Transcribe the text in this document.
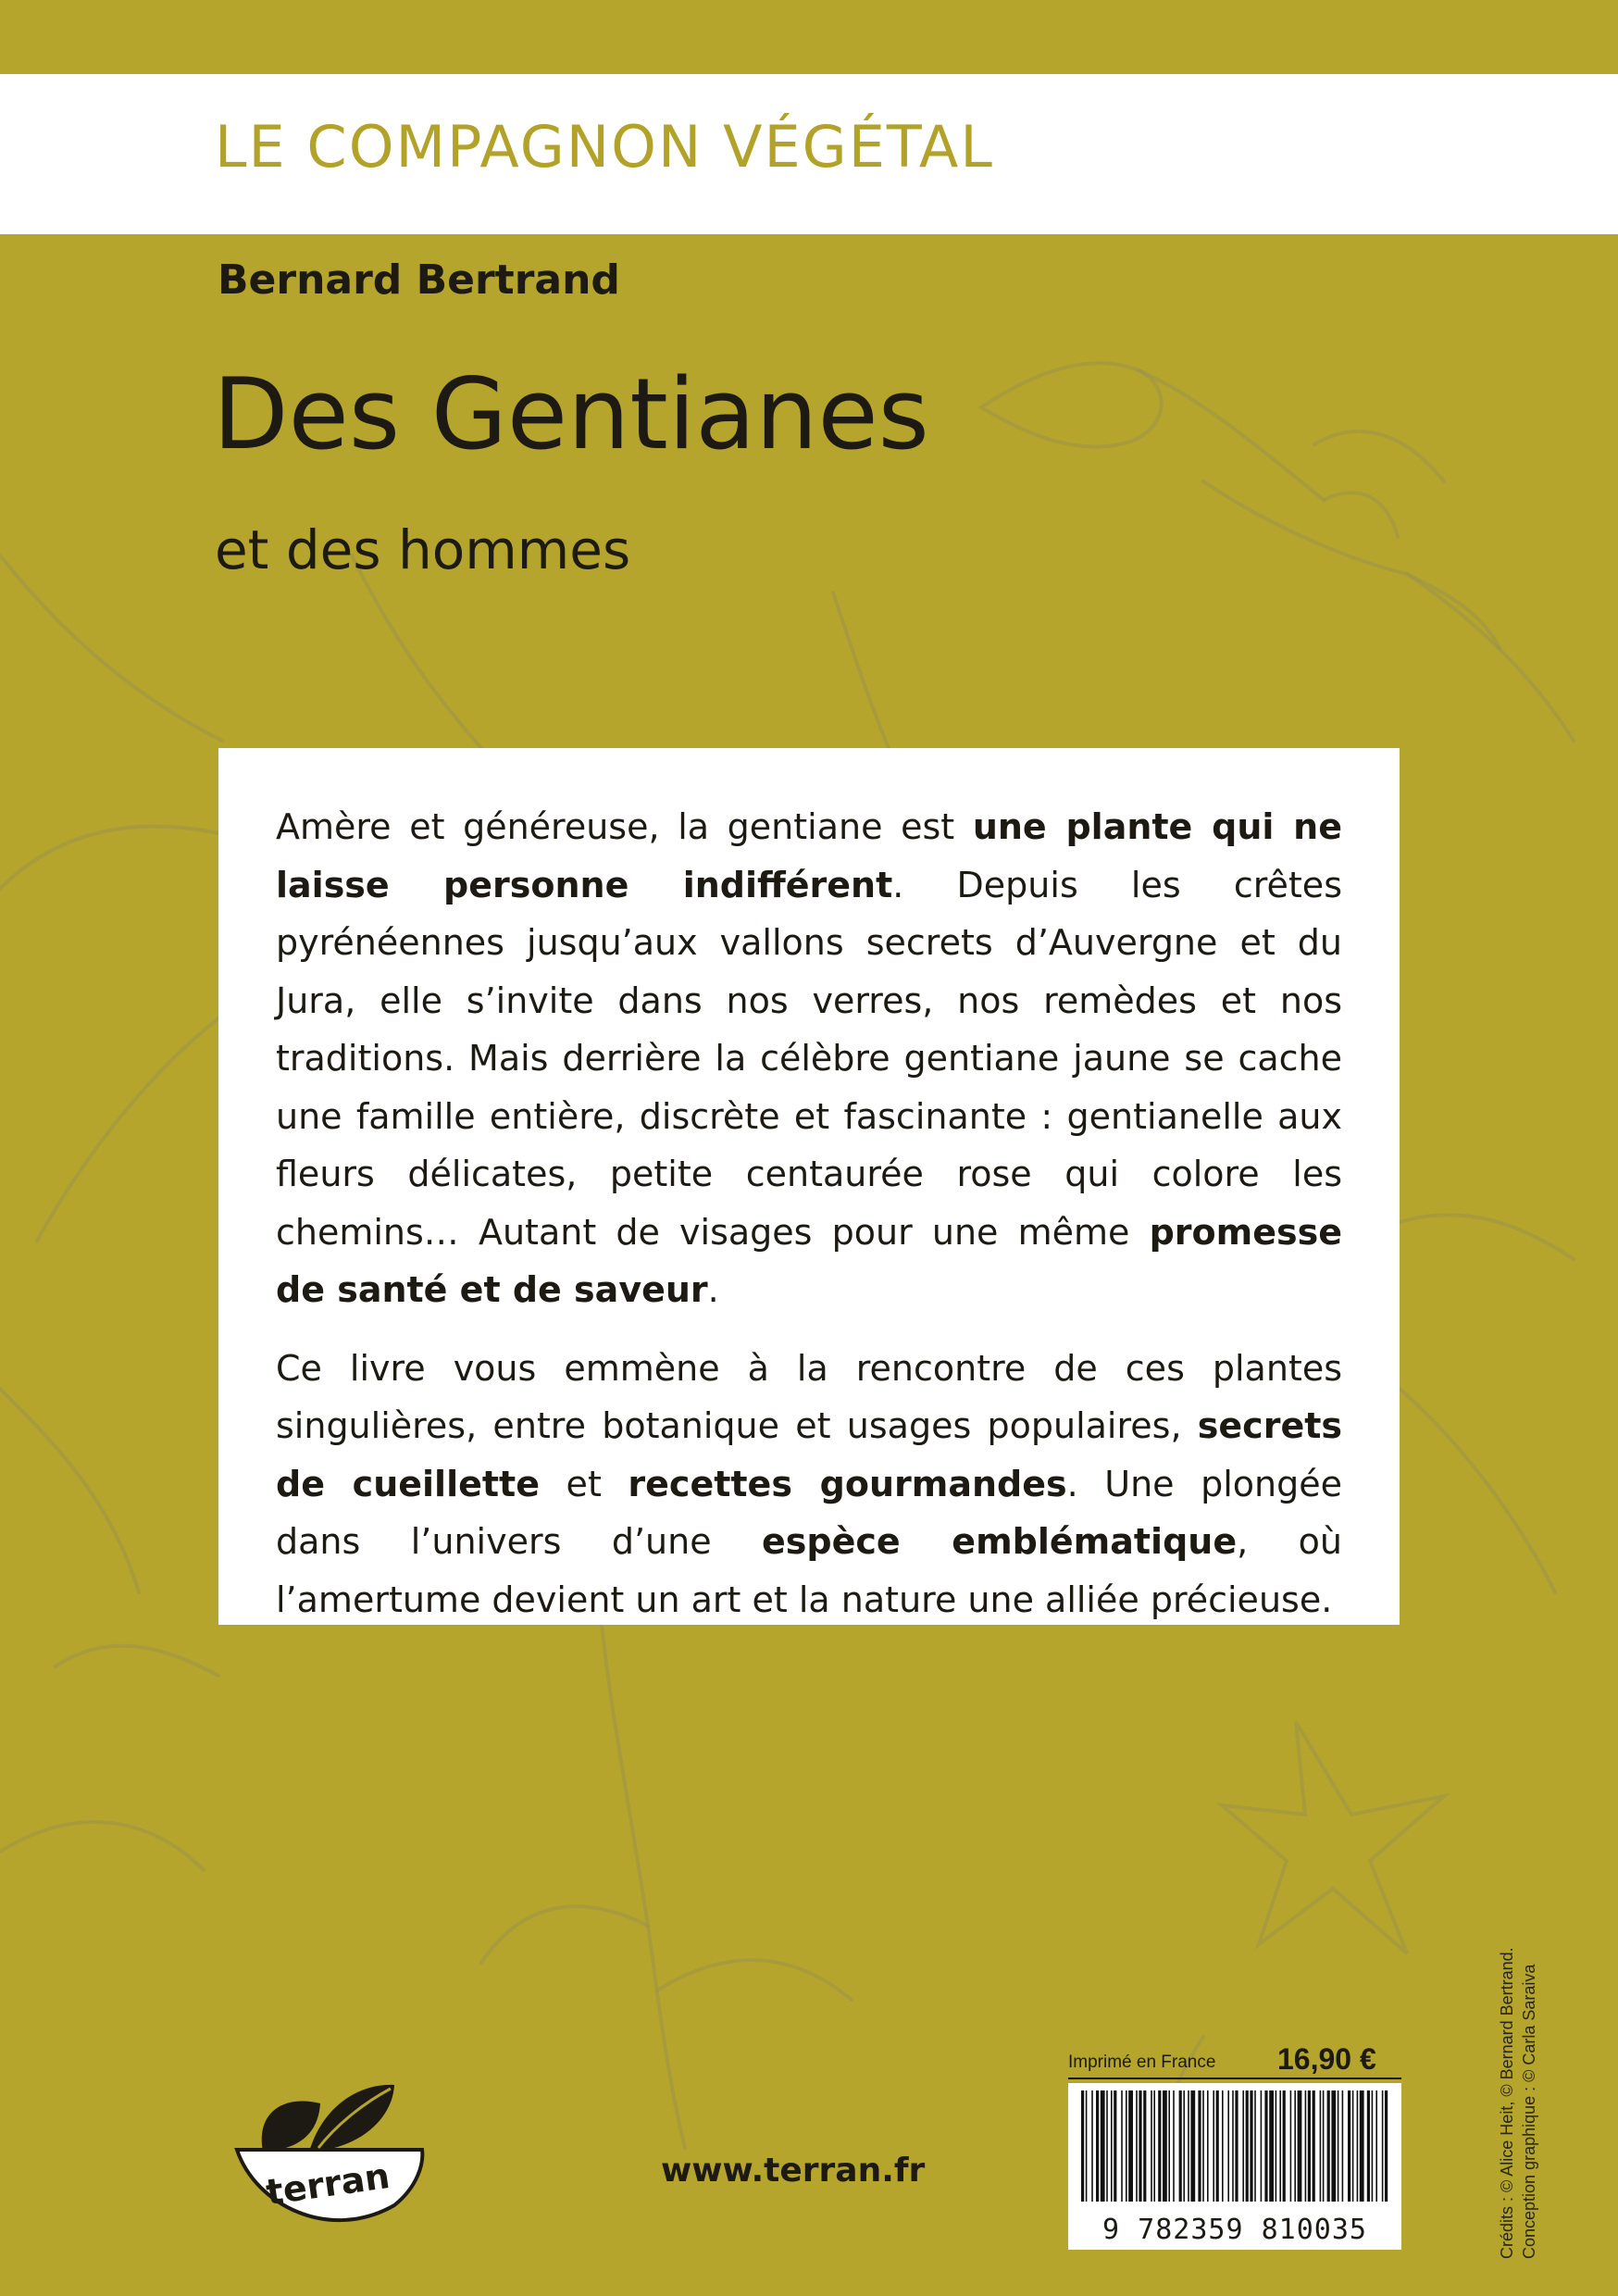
LE COMPAGNON VÉGÉTAL
Bernard Bertrand
Des Gentianes
et des hommes

Amère et généreuse, la gentiane est une plante qui ne laisse personne indifférent. Depuis les crêtes pyrénéennes jusqu’aux vallons secrets d’Auvergne et du Jura, elle s’invite dans nos verres, nos remèdes et nos traditions. Mais derrière la célèbre gentiane jaune se cache une famille entière, discrète et fascinante : gentianelle aux fleurs délicates, petite centaurée rose qui colore les chemins… Autant de visages pour une même promesse de santé et de saveur.

Ce livre vous emmène à la rencontre de ces plantes singulières, entre botanique et usages populaires, secrets de cueillette et recettes gourmandes. Une plongée dans l’univers d’une espèce emblématique, où l’amertume devient un art et la nature une alliée précieuse.

terran	www.terran.fr
Imprimé en France 16,90 €
9 782359 810035	Crédits : © Alice Heit, © Bernard Bertrand. Conception graphique : © Carla Saraiva
